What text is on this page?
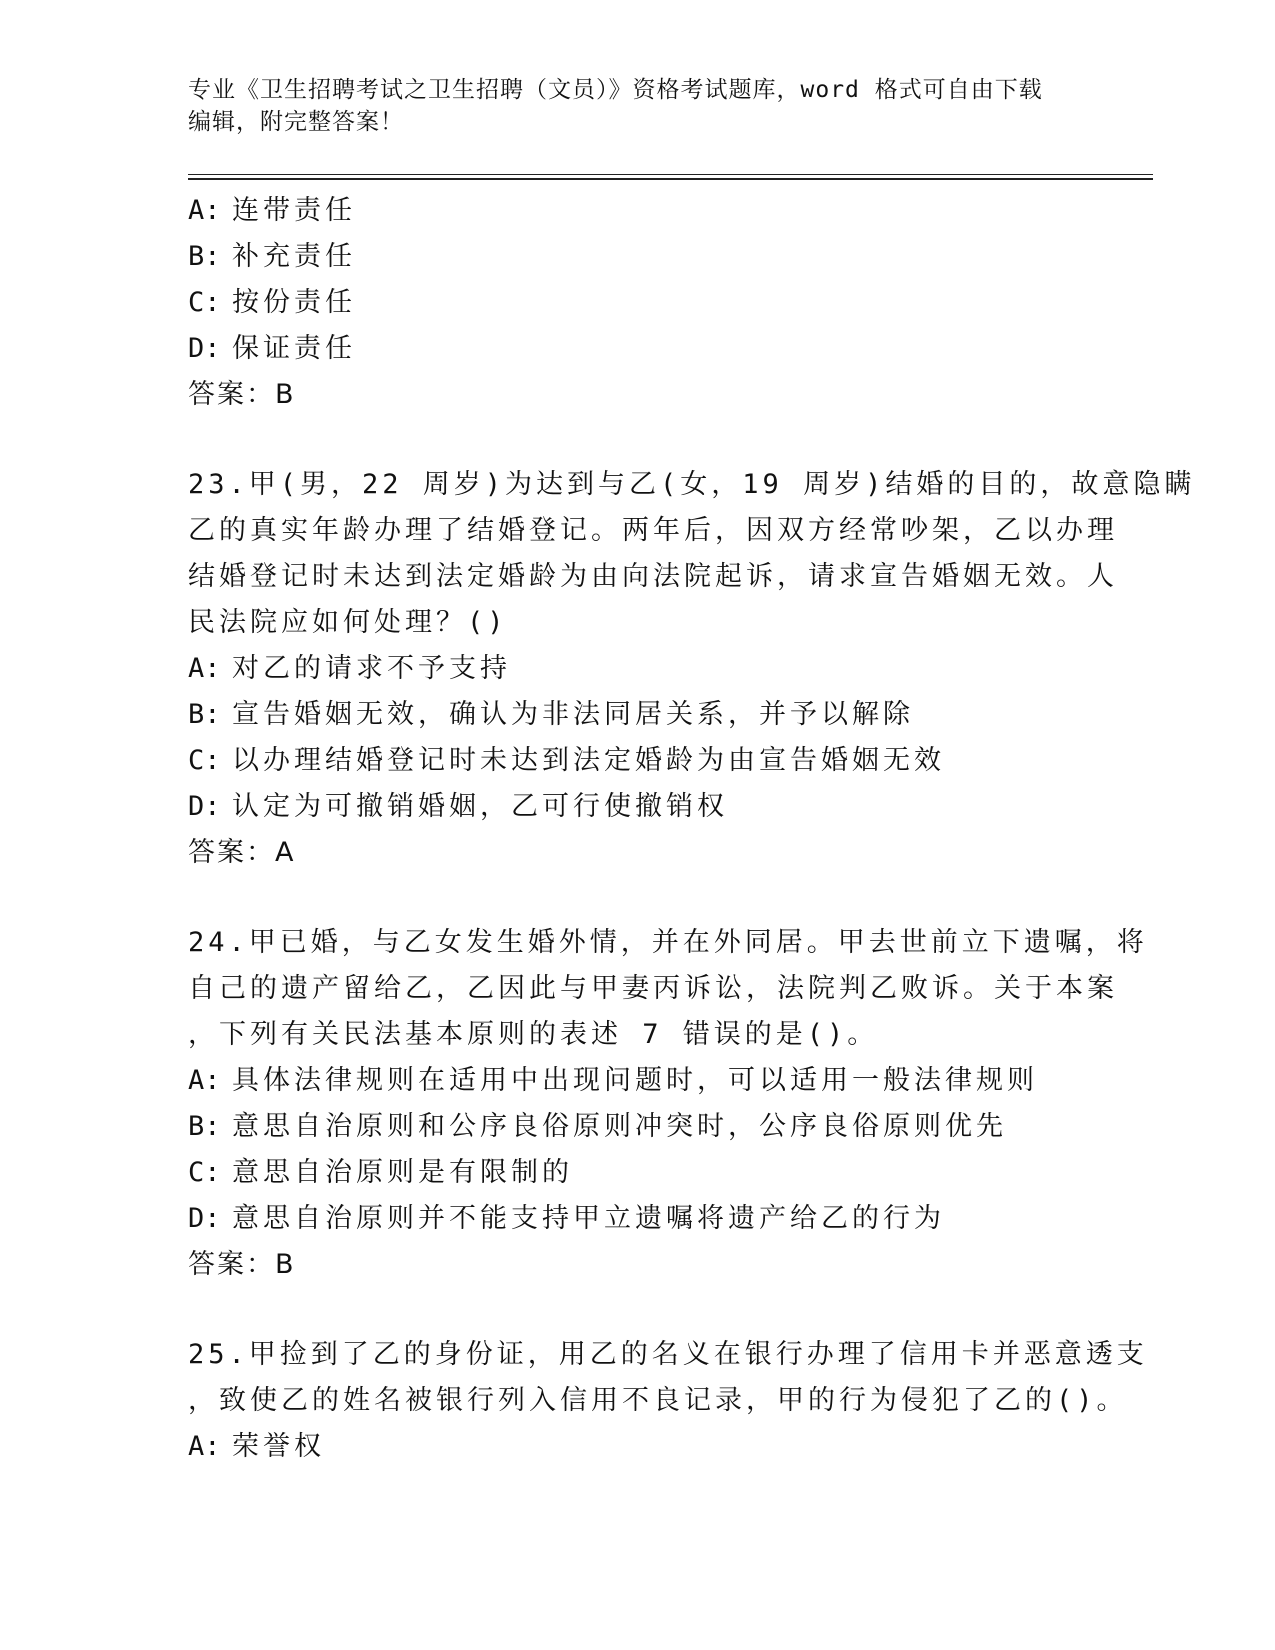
专业《卫生招聘考试之卫生招聘（文员）》资格考试题库，word 格式可自由下载
编辑，附完整答案！
A: 连带责任
B: 补充责任
C: 按份责任
D: 保证责任
答案：B
23.甲(男，22 周岁)为达到与乙(女，19 周岁)结婚的目的，故意隐瞒
乙的真实年龄办理了结婚登记。两年后，因双方经常吵架，乙以办理
结婚登记时未达到法定婚龄为由向法院起诉，请求宣告婚姻无效。人
民法院应如何处理？()
A: 对乙的请求不予支持
B: 宣告婚姻无效，确认为非法同居关系，并予以解除
C: 以办理结婚登记时未达到法定婚龄为由宣告婚姻无效
D: 认定为可撤销婚姻，乙可行使撤销权
答案：A
24.甲已婚，与乙女发生婚外情，并在外同居。甲去世前立下遗嘱，将
自己的遗产留给乙，乙因此与甲妻丙诉讼，法院判乙败诉。关于本案
，下列有关民法基本原则的表述 7 错误的是()。
A: 具体法律规则在适用中出现问题时，可以适用一般法律规则
B: 意思自治原则和公序良俗原则冲突时，公序良俗原则优先
C: 意思自治原则是有限制的
D: 意思自治原则并不能支持甲立遗嘱将遗产给乙的行为
答案：B
25.甲捡到了乙的身份证，用乙的名义在银行办理了信用卡并恶意透支
，致使乙的姓名被银行列入信用不良记录，甲的行为侵犯了乙的()。
A: 荣誉权
